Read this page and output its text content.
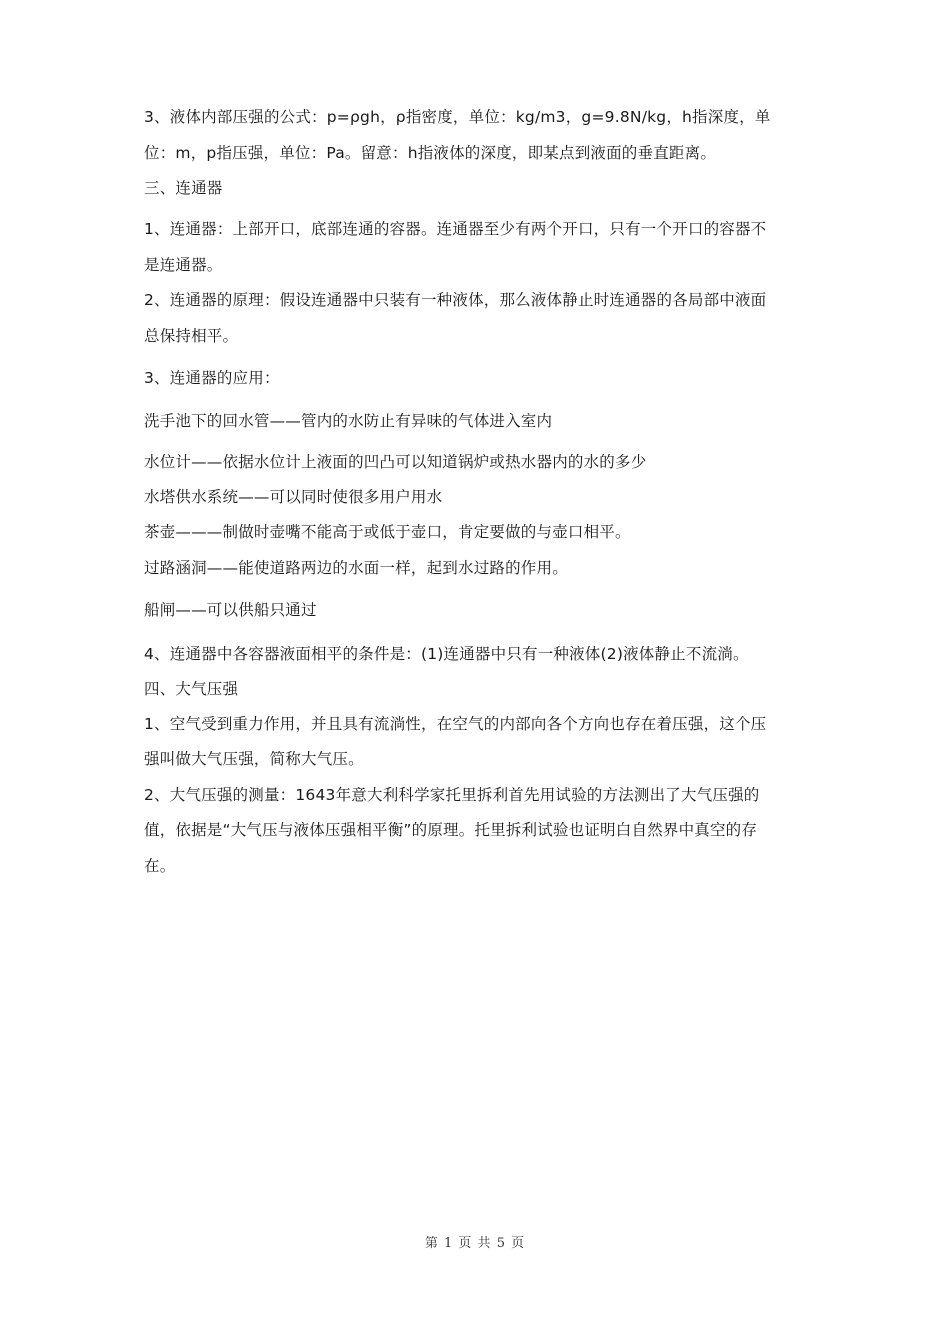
3、液体内部压强的公式：p=ρgh，ρ指密度，单位：kg/m3，g=9.8N/kg，h指深度，单
位：m，p指压强，单位：Pa。留意：h指液体的深度，即某点到液面的垂直距离。
三、连通器
1、连通器：上部开口，底部连通的容器。连通器至少有两个开口，只有一个开口的容器不
是连通器。
2、连通器的原理：假设连通器中只装有一种液体，那么液体静止时连通器的各局部中液面
总保持相平。
3、连通器的应用：
洗手池下的回水管——管内的水防止有异味的气体进入室内
水位计——依据水位计上液面的凹凸可以知道锅炉或热水器内的水的多少
水塔供水系统——可以同时使很多用户用水
茶壶———制做时壶嘴不能高于或低于壶口，肯定要做的与壶口相平。
过路涵洞——能使道路两边的水面一样，起到水过路的作用。
船闸——可以供船只通过
4、连通器中各容器液面相平的条件是：(1)连通器中只有一种液体(2)液体静止不流淌。
四、大气压强
1、空气受到重力作用，并且具有流淌性，在空气的内部向各个方向也存在着压强，这个压
强叫做大气压强，简称大气压。
2、大气压强的测量：1643年意大利科学家托里拆利首先用试验的方法测出了大气压强的
值，依据是“大气压与液体压强相平衡”的原理。托里拆利试验也证明白自然界中真空的存
在。
第 1 页 共 5 页
